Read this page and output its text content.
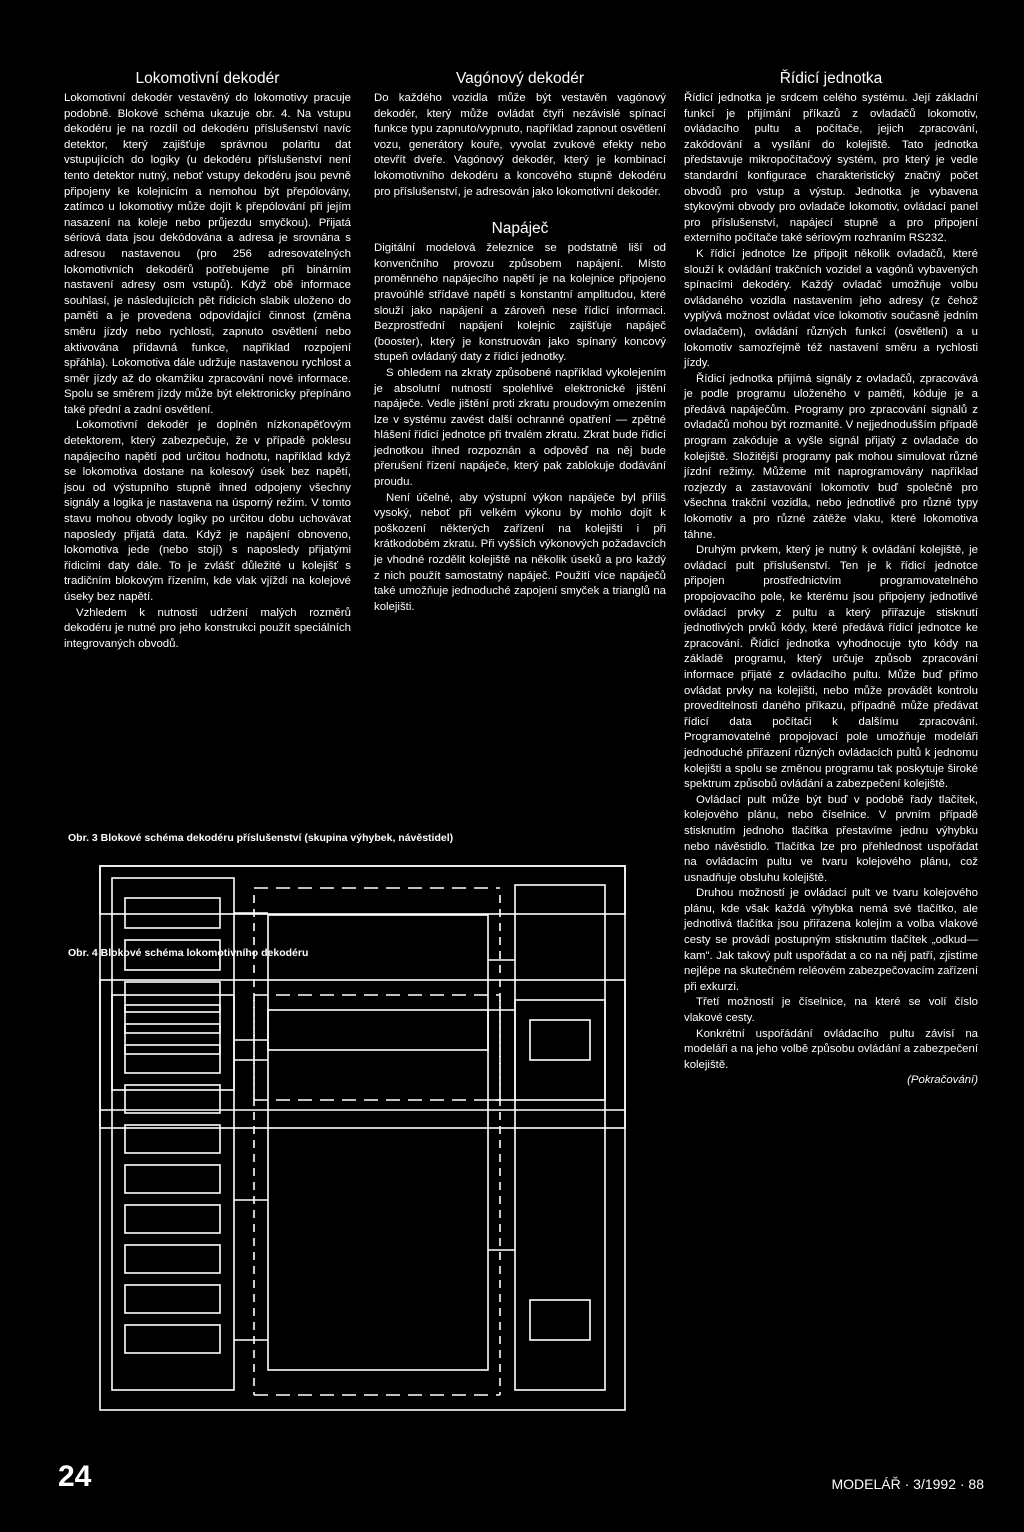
Lokomotivní dekodér

Lokomotivní dekodér vestavěný do lokomotivy pracuje podobně. Blokové schéma ukazuje obr. 4. Na vstupu dekodéru je na rozdíl od dekodéru příslušenství navíc detektor, který zajišťuje správnou polaritu dat vstupujících do logiky (u dekodéru příslušenství není tento detektor nutný, neboť vstupy dekodéru jsou pevně připojeny ke kolejnicím a nemohou být přepólovány, zatímco u lokomotivy může dojít k přepólování při jejím nasazení na koleje nebo průjezdu smyčkou). Přijatá sériová data jsou dekódována a adresa je srovnána s adresou nastavenou (pro 256 adresovatelných lokomotivních dekodérů potřebujeme při binárním nastavení adresy osm vstupů). Když obě informace souhlasí, je následujících pět řídicích slabik uloženo do paměti a je provedena odpovídající činnost (změna směru jízdy nebo rychlosti, zapnuto osvětlení nebo aktivována přídavná funkce, například rozpojení spřáhla). Lokomotiva dále udržuje nastavenou rychlost a směr jízdy až do okamžiku zpracování nové informace. Spolu se směrem jízdy může být elektronicky přepínáno také přední a zadní osvětlení.

Lokomotivní dekodér je doplněn nízkonapěťovým detektorem, který zabezpečuje, že v případě poklesu napájecího napětí pod určitou hodnotu, například když se lokomotiva dostane na kolesový úsek bez napětí, jsou od výstupního stupně ihned odpojeny všechny signály a logika je nastavena na úsporný režim. V tomto stavu mohou obvody logiky po určitou dobu uchovávat naposledy přijatá data. Když je napájení obnoveno, lokomotiva jede (nebo stojí) s naposledy přijatými řídicími daty dále. To je zvlášť důležité u kolejišť s tradičním blokovým řízením, kde vlak vjíždí na kolejové úseky bez napětí.

Vzhledem k nutnosti udržení malých rozměrů dekodéru je nutné pro jeho konstrukci použít speciálních integrovaných obvodů.

Vagónový dekodér

Do každého vozidla může být vestavěn vagónový dekodér, který může ovládat čtyři nezávislé spínací funkce typu zapnuto/vypnuto, například zapnout osvětlení vozu, generátory kouře, vyvolat zvukové efekty nebo otevřít dveře. Vagónový dekodér, který je kombinací lokomotivního dekodéru a koncového stupně dekodéru pro příslušenství, je adresován jako lokomotivní dekodér.

Napáječ

Digitální modelová železnice se podstatně liší od konvenčního provozu způsobem napájení. Místo proměnného napájecího napětí je na kolejnice připojeno pravoúhlé střídavé napětí s konstantní amplitudou, které slouží jako napájení a zároveň nese řídicí informaci. Bezprostřední napájení kolejnic zajišťuje napáječ (booster), který je konstruován jako spínaný koncový stupeň ovládaný daty z řídicí jednotky.

S ohledem na zkraty způsobené například vykolejením je absolutní nutností spolehlivé elektronické jištění napáječe. Vedle jištění proti zkratu proudovým omezením lze v systému zavést další ochranné opatření — zpětné hlášení řídicí jednotce při trvalém zkratu. Zkrat bude řídicí jednotkou ihned rozpoznán a odpověď na něj bude přerušení řízení napáječe, který pak zablokuje dodávání proudu.

Není účelné, aby výstupní výkon napáječe byl příliš vysoký, neboť při velkém výkonu by mohlo dojít k poškození některých zařízení na kolejišti i při krátkodobém zkratu. Při vyšších výkonových požadavcích je vhodné rozdělit kolejiště na několik úseků a pro každý z nich použít samostatný napáječ. Použití více napáječů také umožňuje jednoduché zapojení smyček a trianglů na kolejišti.

Řídicí jednotka

Řídicí jednotka je srdcem celého systému. Její základní funkcí je přijímání příkazů z ovladačů lokomotiv, ovládacího pultu a počítače, jejich zpracování, zakódování a vysílání do kolejiště. Tato jednotka představuje mikropočítačový systém, pro který je vedle standardní konfigurace charakteristický značný počet obvodů pro vstup a výstup. Jednotka je vybavena stykovými obvody pro ovladače lokomotiv, ovládací panel pro příslušenství, napájecí stupně a pro připojení externího počítače také sériovým rozhraním RS232.

K řídicí jednotce lze připojit několik ovladačů, které slouží k ovládání trakčních vozidel a vagónů vybavených spínacími dekodéry. Každý ovladač umožňuje volbu ovládaného vozidla nastavením jeho adresy (z čehož vyplývá možnost ovládat více lokomotiv současně jedním ovladačem), ovládání různých funkcí (osvětlení) a u lokomotiv samozřejmě též nastavení směru a rychlosti jízdy.

Řídicí jednotka přijímá signály z ovladačů, zpracovává je podle programu uloženého v paměti, kóduje je a předává napáječům. Programy pro zpracování signálů z ovladačů mohou být rozmanité. V nejjednodušším případě program zakóduje a vyšle signál přijatý z ovladače do kolejiště. Složitější programy pak mohou simulovat různé jízdní režimy. Můžeme mít naprogramovány například rozjezdy a zastavování lokomotiv buď společně pro všechna trakční vozidla, nebo jednotlivě pro různé typy lokomotiv a pro různé zátěže vlaku, které lokomotiva táhne.

Druhým prvkem, který je nutný k ovládání kolejiště, je ovládací pult příslušenství. Ten je k řídicí jednotce připojen prostřednictvím programovatelného propojovacího pole, ke kterému jsou připojeny jednotlivé ovládací prvky z pultu a který přiřazuje stisknutí jednotlivých prvků kódy, které předává řídicí jednotce ke zpracování. Řídicí jednotka vyhodnocuje tyto kódy na základě programu, který určuje způsob zpracování informace přijaté z ovládacího pultu. Může buď přímo ovládat prvky na kolejišti, nebo může provádět kontrolu proveditelnosti daného příkazu, případně může předávat řídicí data počítači k dalšímu zpracování. Programovatelné propojovací pole umožňuje modeláři jednoduché přiřazení různých ovládacích pultů k jednomu kolejišti a spolu se změnou programu tak poskytuje široké spektrum způsobů ovládání a zabezpečení kolejiště.

Ovládací pult může být buď v podobě řady tlačítek, kolejového plánu, nebo číselnice. V prvním případě stisknutím jednoho tlačítka přestavíme jednu výhybku nebo návěstidlo. Tlačítka lze pro přehlednost uspořádat na ovládacím pultu ve tvaru kolejového plánu, což usnadňuje obsluhu kolejiště.

Druhou možností je ovládací pult ve tvaru kolejového plánu, kde však každá výhybka nemá své tlačítko, ale jednotlivá tlačítka jsou přiřazena kolejím a volba vlakové cesty se provádí postupným stisknutím tlačítek „odkud—kam". Jak takový pult uspořádat a co na něj patří, zjistíme nejlépe na skutečném reléovém zabezpečovacím zařízení při exkurzi.

Třetí možností je číselnice, na které se volí číslo vlakové cesty.

Konkrétní uspořádání ovládacího pultu závisí na modeláři a na jeho volbě způsobu ovládání a zabezpečení kolejiště.

(Pokračování)

Obr. 3 Blokové schéma dekodéru příslušenství (skupina výhybek, návěstidel)
Obr. 4 Blokové schéma lokomotivního dekodéru
24	MODELÁŘ · 3/1992 · 88
